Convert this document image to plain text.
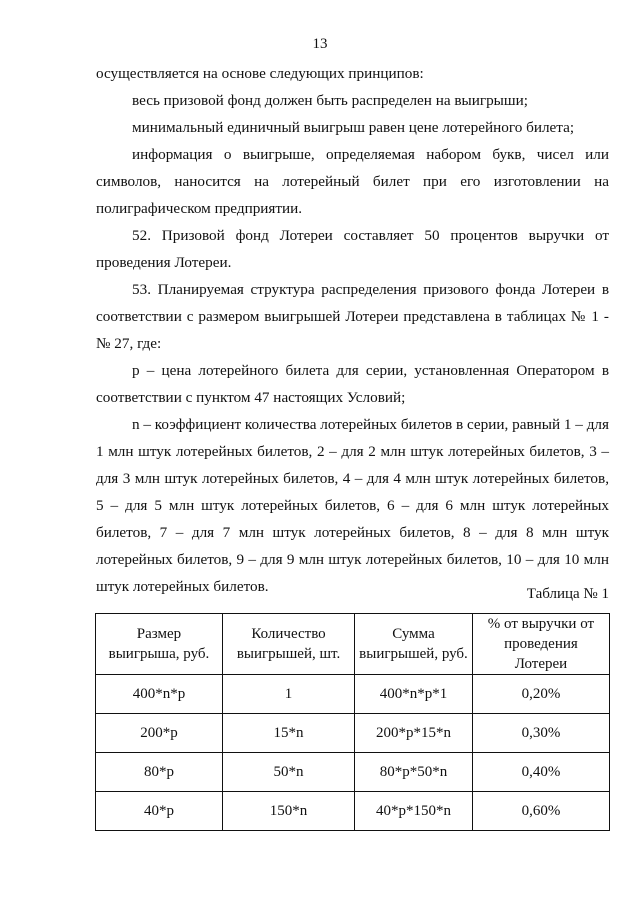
13

осуществляется на основе следующих принципов:

весь призовой фонд должен быть распределен на выигрыши;

минимальный единичный выигрыш равен цене лотерейного билета;

информация о выигрыше, определяемая набором букв, чисел или символов, наносится на лотерейный билет при его изготовлении на полиграфическом предприятии.

52. Призовой фонд Лотереи составляет 50 процентов выручки от проведения Лотереи.

53. Планируемая структура распределения призового фонда Лотереи в соответствии с размером выигрышей Лотереи представлена в таблицах № 1 - № 27, где:

p – цена лотерейного билета для серии, установленная Оператором в соответствии с пунктом 47 настоящих Условий;

n – коэффициент количества лотерейных билетов в серии, равный 1 – для 1 млн штук лотерейных билетов, 2 – для 2 млн штук лотерейных билетов, 3 – для 3 млн штук лотерейных билетов, 4 – для 4 млн штук лотерейных билетов, 5 – для 5 млн штук лотерейных билетов, 6 – для 6 млн штук лотерейных билетов, 7 – для 7 млн штук лотерейных билетов, 8 – для 8 млн штук лотерейных билетов, 9 – для 9 млн штук лотерейных билетов, 10 – для 10 млн штук лотерейных билетов.	Таблица № 1
Размер выигрыша, руб.	Количество выигрышей, шт.	Сумма выигрышей, руб.	% от выручки от проведения Лотереи
400*n*p	1	400*n*p*1	0,20%
200*p	15*n	200*p*15*n	0,30%
80*p	50*n	80*p*50*n	0,40%
40*p	150*n	40*p*150*n	0,60%
